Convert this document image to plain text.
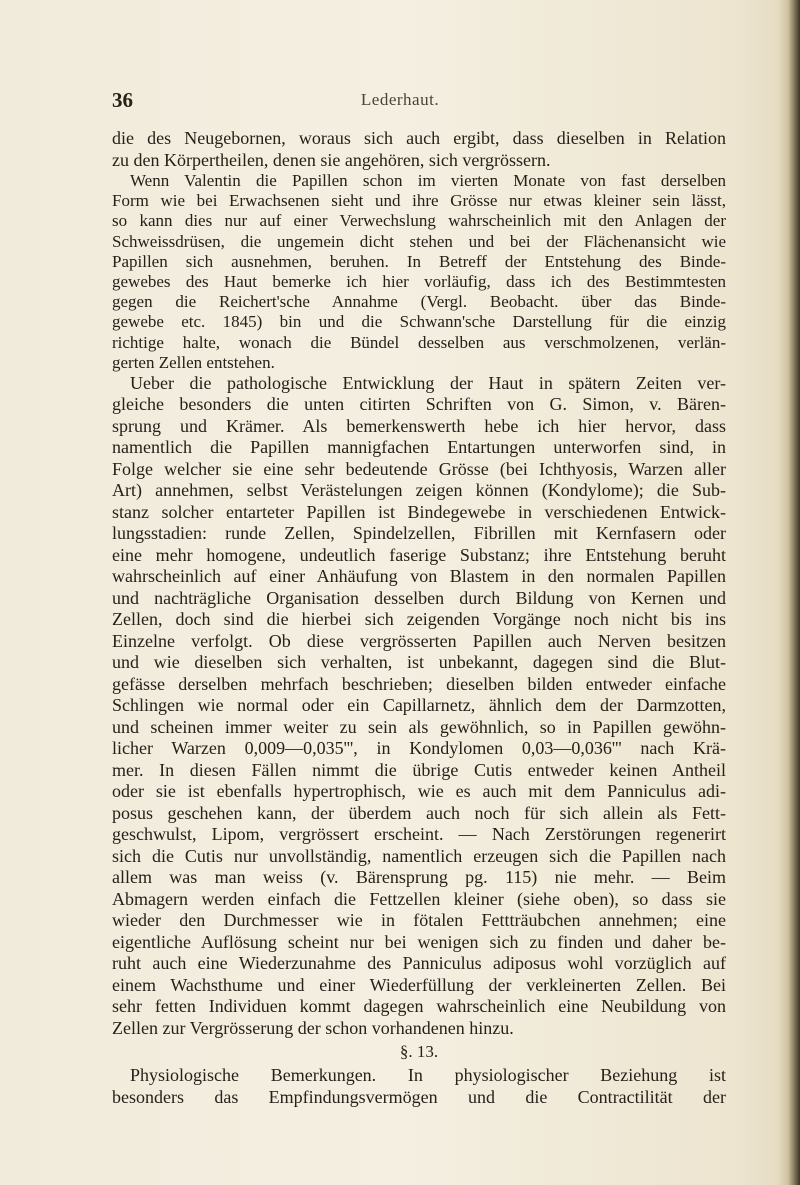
36	Lederhaut.
die des Neugebornen, woraus sich auch ergibt, dass dieselben in Relation
zu den Körpertheilen, denen sie angehören, sich vergrössern.
Wenn Valentin die Papillen schon im vierten Monate von fast derselben
Form wie bei Erwachsenen sieht und ihre Grösse nur etwas kleiner sein lässt,
so kann dies nur auf einer Verwechslung wahrscheinlich mit den Anlagen der
Schweissdrüsen, die ungemein dicht stehen und bei der Flächenansicht wie
Papillen sich ausnehmen, beruhen. In Betreff der Entstehung des Binde-
gewebes des Haut bemerke ich hier vorläufig, dass ich des Bestimmtesten
gegen die Reichert'sche Annahme (Vergl. Beobacht. über das Binde-
gewebe etc. 1845) bin und die Schwann'sche Darstellung für die einzig
richtige halte, wonach die Bündel desselben aus verschmolzenen, verlän-
gerten Zellen entstehen.
Ueber die pathologische Entwicklung der Haut in spätern Zeiten ver-
gleiche besonders die unten citirten Schriften von G. Simon, v. Bären-
sprung und Krämer. Als bemerkenswerth hebe ich hier hervor, dass
namentlich die Papillen mannigfachen Entartungen unterworfen sind, in
Folge welcher sie eine sehr bedeutende Grösse (bei Ichthyosis, Warzen aller
Art) annehmen, selbst Verästelungen zeigen können (Kondylome); die Sub-
stanz solcher entarteter Papillen ist Bindegewebe in verschiedenen Entwick-
lungsstadien: runde Zellen, Spindelzellen, Fibrillen mit Kernfasern oder
eine mehr homogene, undeutlich faserige Substanz; ihre Entstehung beruht
wahrscheinlich auf einer Anhäufung von Blastem in den normalen Papillen
und nachträgliche Organisation desselben durch Bildung von Kernen und
Zellen, doch sind die hierbei sich zeigenden Vorgänge noch nicht bis ins
Einzelne verfolgt. Ob diese vergrösserten Papillen auch Nerven besitzen
und wie dieselben sich verhalten, ist unbekannt, dagegen sind die Blut-
gefässe derselben mehrfach beschrieben; dieselben bilden entweder einfache
Schlingen wie normal oder ein Capillarnetz, ähnlich dem der Darmzotten,
und scheinen immer weiter zu sein als gewöhnlich, so in Papillen gewöhn-
licher Warzen 0,009—0,035''', in Kondylomen 0,03—0,036''' nach Krä-
mer. In diesen Fällen nimmt die übrige Cutis entweder keinen Antheil
oder sie ist ebenfalls hypertrophisch, wie es auch mit dem Panniculus adi-
posus geschehen kann, der überdem auch noch für sich allein als Fett-
geschwulst, Lipom, vergrössert erscheint. — Nach Zerstörungen regenerirt
sich die Cutis nur unvollständig, namentlich erzeugen sich die Papillen nach
allem was man weiss (v. Bärensprung pg. 115) nie mehr. — Beim
Abmagern werden einfach die Fettzellen kleiner (siehe oben), so dass sie
wieder den Durchmesser wie in fötalen Fettträubchen annehmen; eine
eigentliche Auflösung scheint nur bei wenigen sich zu finden und daher be-
ruht auch eine Wiederzunahme des Panniculus adiposus wohl vorzüglich auf
einem Wachsthume und einer Wiederfüllung der verkleinerten Zellen. Bei
sehr fetten Individuen kommt dagegen wahrscheinlich eine Neubildung von
Zellen zur Vergrösserung der schon vorhandenen hinzu.
§. 13.
Physiologische Bemerkungen. In physiologischer Beziehung ist
besonders das Empfindungsvermögen und die Contractilität der
